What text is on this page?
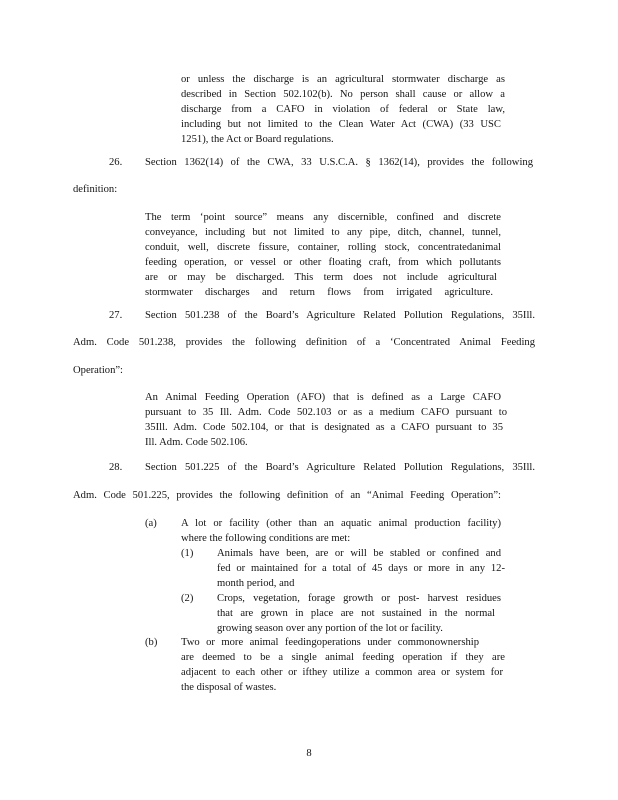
or unless the discharge is an agricultural stormwater discharge as
described in Section 502.102(b). No person shall cause or allow a
discharge from a CAFO in violation of federal or State law,
including but not limited to the Clean Water Act (CWA) (33 USC
1251), the Act or Board regulations.
26. Section 1362(14) of the CWA, 33 U.S.C.A. § 1362(14), provides the following
definition:
The term ‘point source” means any discernible, confined and discrete
conveyance, including but not limited to any pipe, ditch, channel, tunnel,
conduit, well, discrete fissure, container, rolling stock, concentratedanimal
feeding operation, or vessel or other floating craft, from which pollutants
are or may be discharged. This term does not include agricultural
stormwater discharges and return flows from irrigated agriculture.
27. Section 501.238 of the Board’s Agriculture Related Pollution Regulations, 35Ill.
Adm. Code 501.238, provides the following definition of a ‘Concentrated Animal Feeding
Operation”:
An Animal Feeding Operation (AFO) that is defined as a Large CAFO
pursuant to 35 Ill. Adm. Code 502.103 or as a medium CAFO pursuant to
35Ill. Adm. Code 502.104, or that is designated as a CAFO pursuant to 35
Ill. Adm. Code 502.106.
28. Section 501.225 of the Board’s Agriculture Related Pollution Regulations, 35Ill.
Adm. Code 501.225, provides the following definition of an “Animal Feeding Operation”:
(a) A lot or facility (other than an aquatic animal production facility)
where the following conditions are met:
(1) Animals have been, are or will be stabled or confined and
fed or maintained for a total of 45 days or more in any 12-
month period, and
(2) Crops, vegetation, forage growth or post- harvest residues
that are grown in place are not sustained in the normal
growing season over any portion of the lot or facility.
(b) Two or more animal feedingoperations under commonownership
are deemed to be a single animal feeding operation if they are
adjacent to each other or ifthey utilize a common area or system for
the disposal of wastes.
8
